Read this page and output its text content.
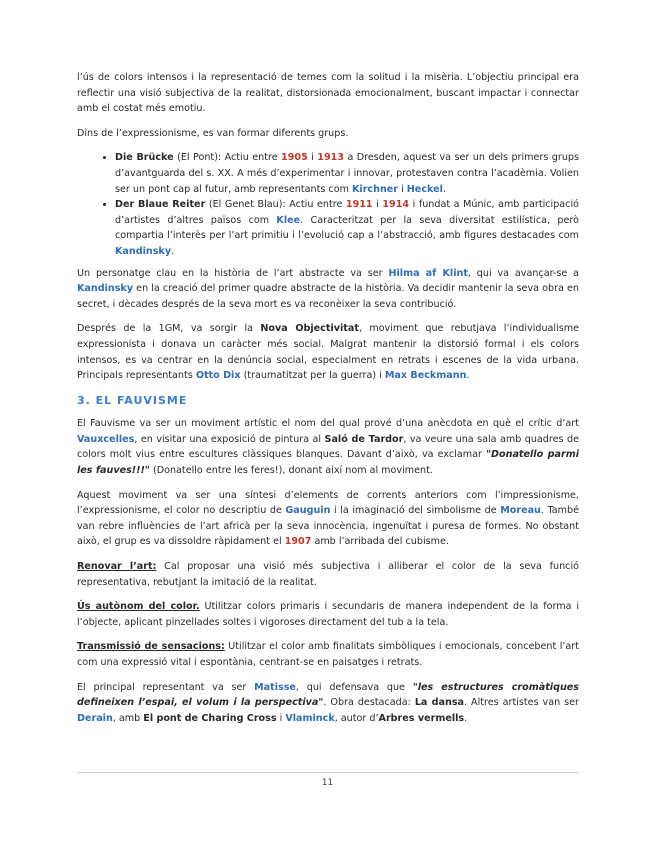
l’ús de colors intensos i la representació de temes com la solitud i la misèria. L’objectiu principal era reflectir una visió subjectiva de la realitat, distorsionada emocionalment, buscant impactar i connectar amb el costat més emotiu.

Dins de l’expressionisme, es van formar diferents grups.

• Die Brücke (El Pont): Actiu entre 1905 i 1913 a Dresden, aquest va ser un dels primers grups d’avantguarda del s. XX. A més d’experimentar i innovar, protestaven contra l’acadèmia. Volien ser un pont cap al futur, amb representants com Kirchner i Heckel.
• Der Blaue Reiter (El Genet Blau): Actiu entre 1911 i 1914 i fundat a Múnic, amb participació d’artistes d’altres països com Klee. Caracteritzat per la seva diversitat estilística, però compartia l’interès per l’art primitiu i l’evolució cap a l’abstracció, amb figures destacades com Kandinsky.

Un personatge clau en la història de l’art abstracte va ser Hilma af Klint, qui va avançar-se a Kandinsky en la creació del primer quadre abstracte de la història. Va decidir mantenir la seva obra en secret, i dècades després de la seva mort es va reconèixer la seva contribució.

Després de la 1GM, va sorgir la Nova Objectivitat, moviment que rebutjava l’individualisme expressionista i donava un caràcter més social. Malgrat mantenir la distorsió formal i els colors intensos, es va centrar en la denúncia social, especialment en retrats i escenes de la vida urbana. Principals representants Otto Dix (traumatitzat per la guerra) i Max Beckmann.

3. EL FAUVISME

El Fauvisme va ser un moviment artístic el nom del qual prové d’una anècdota en què el crític d’art Vauxcelles, en visitar una exposició de pintura al Saló de Tardor, va veure una sala amb quadres de colors molt vius entre escultures clàssiques blanques. Davant d’això, va exclamar "Donatello parmi les fauves!!!" (Donatello entre les feres!), donant així nom al moviment.

Aquest moviment va ser una síntesi d’elements de corrents anteriors com l’impressionisme, l’expressionisme, el color no descriptiu de Gauguin i la imaginació del simbolisme de Moreau. També van rebre influències de l’art africà per la seva innocència, ingenuïtat i puresa de formes. No obstant això, el grup es va dissoldre ràpidament el 1907 amb l’arribada del cubisme.

Renovar l’art: Cal proposar una visió més subjectiva i alliberar el color de la seva funció representativa, rebutjant la imitació de la realitat.

Ús autònom del color. Utilitzar colors primaris i secundaris de manera independent de la forma i l’objecte, aplicant pinzellades soltes i vigoroses directament del tub a la tela.

Transmissió de sensacions: Utilitzar el color amb finalitats simbòliques i emocionals, concebent l’art com una expressió vital i espontània, centrant-se en paisatges i retrats.

El principal representant va ser Matisse, qui defensava que "les estructures cromàtiques defineixen l’espai, el volum i la perspectiva". Obra destacada: La dansa. Altres artistes van ser Derain, amb El pont de Charing Cross i Vlaminck, autor d’Arbres vermells.

11
